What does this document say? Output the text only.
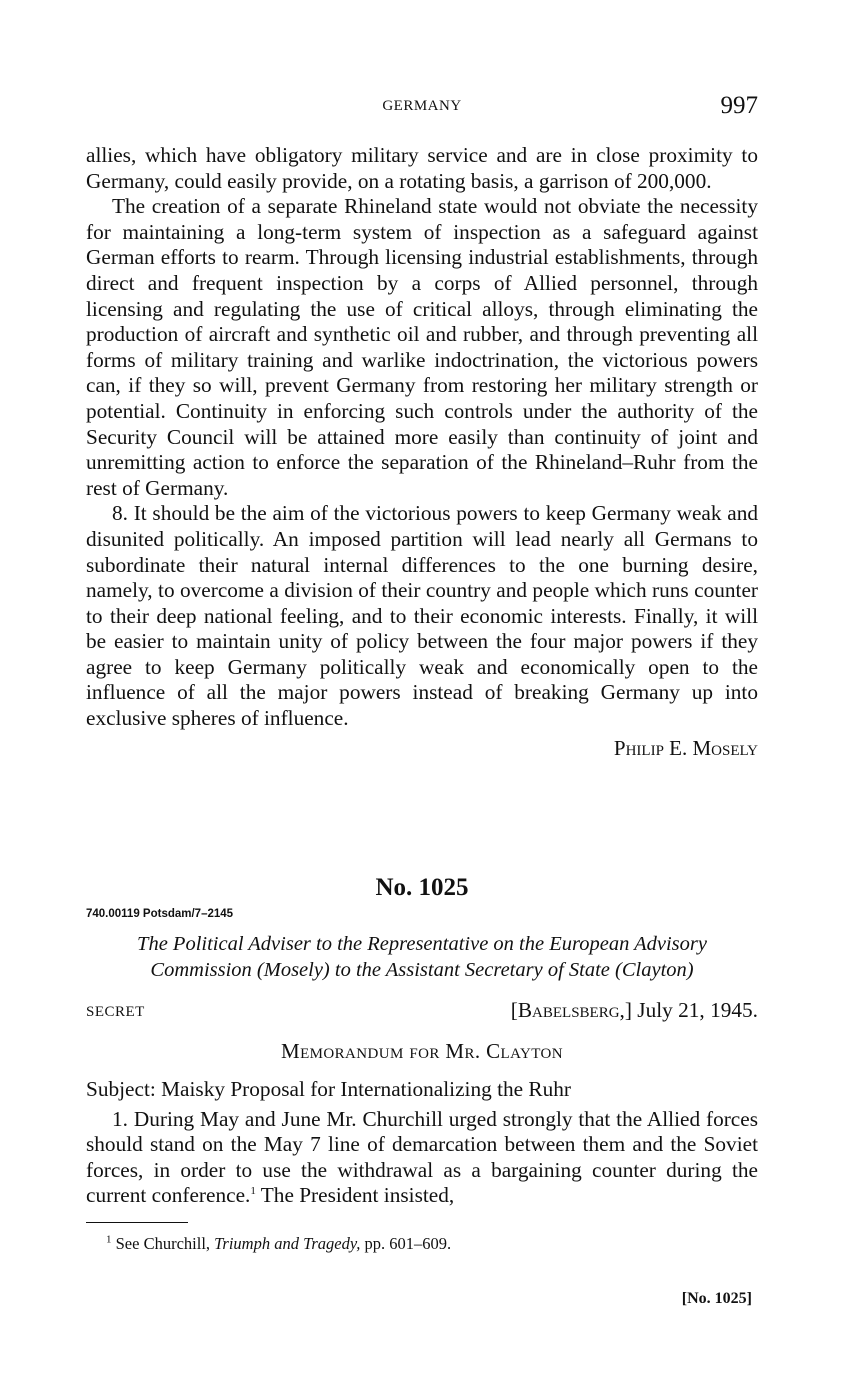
GERMANY	997

allies, which have obligatory military service and are in close proximity to Germany, could easily provide, on a rotating basis, a garrison of 200,000.

The creation of a separate Rhineland state would not obviate the necessity for maintaining a long-term system of inspection as a safeguard against German efforts to rearm. Through licensing industrial establishments, through direct and frequent inspection by a corps of Allied personnel, through licensing and regulating the use of critical alloys, through eliminating the production of aircraft and synthetic oil and rubber, and through preventing all forms of military training and warlike indoctrination, the victorious powers can, if they so will, prevent Germany from restoring her military strength or potential. Continuity in enforcing such controls under the authority of the Security Council will be attained more easily than continuity of joint and unremitting action to enforce the separation of the Rhineland–Ruhr from the rest of Germany.

8. It should be the aim of the victorious powers to keep Germany weak and disunited politically. An imposed partition will lead nearly all Germans to subordinate their natural internal differences to the one burning desire, namely, to overcome a division of their country and people which runs counter to their deep national feeling, and to their economic interests. Finally, it will be easier to maintain unity of policy between the four major powers if they agree to keep Germany politically weak and economically open to the influence of all the major powers instead of breaking Germany up into exclusive spheres of influence.

Philip E. Mosely
No. 1025
740.00119 Potsdam/7–2145
The Political Adviser to the Representative on the European Advisory
Commission (Mosely) to the Assistant Secretary of State (Clayton)
SECRET	[Babelsberg,] July 21, 1945.
Memorandum for Mr. Clayton

Subject: Maisky Proposal for Internationalizing the Ruhr

1. During May and June Mr. Churchill urged strongly that the Allied forces should stand on the May 7 line of demarcation between them and the Soviet forces, in order to use the withdrawal as a bargaining counter during the current conference.$^1$ The President insisted,

$^1$ See Churchill, Triumph and Tragedy, pp. 601–609.
[No. 1025]
